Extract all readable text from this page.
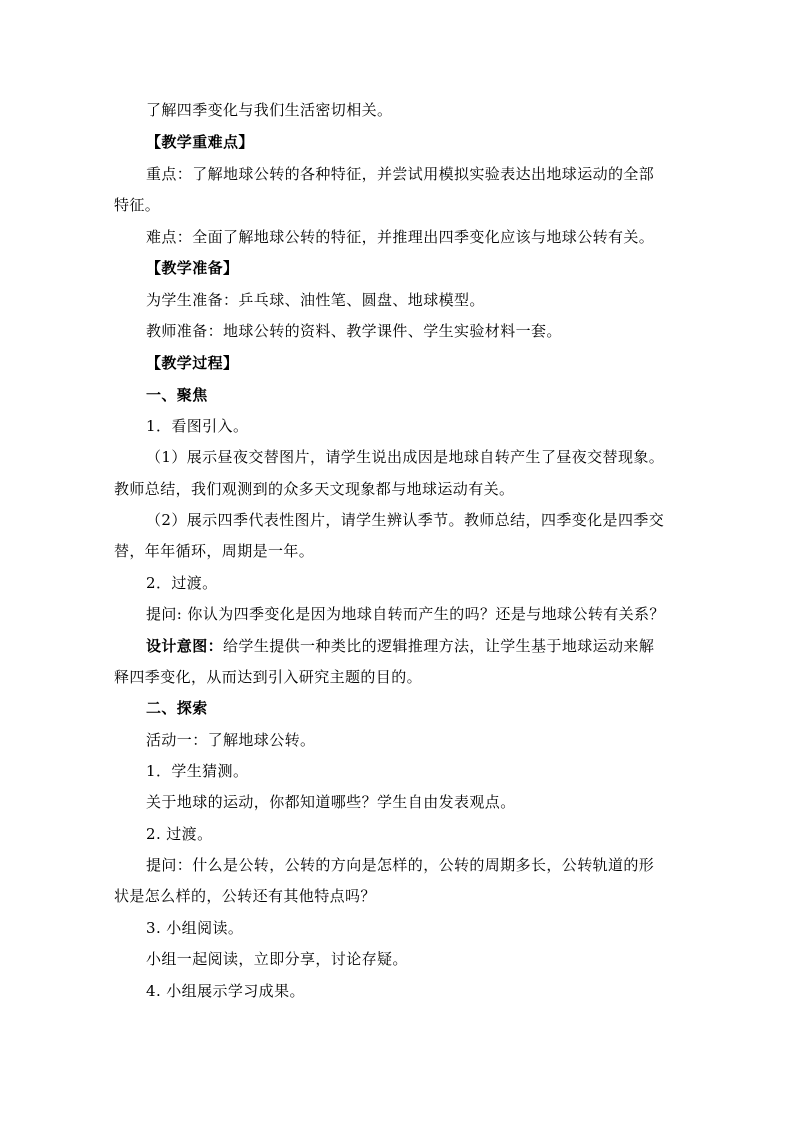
了解四季变化与我们生活密切相关。
【教学重难点】
重点：了解地球公转的各种特征，并尝试用模拟实验表达出地球运动的全部
特征。
难点：全面了解地球公转的特征，并推理出四季变化应该与地球公转有关。
【教学准备】
为学生准备：乒乓球、油性笔、圆盘、地球模型。
教师准备：地球公转的资料、教学课件、学生实验材料一套。
【教学过程】
一、聚焦
1．看图引入。
（1）展示昼夜交替图片，请学生说出成因是地球自转产生了昼夜交替现象。
教师总结，我们观测到的众多天文现象都与地球运动有关。
（2）展示四季代表性图片，请学生辨认季节。教师总结，四季变化是四季交
替，年年循环，周期是一年。
2．过渡。
提问: 你认为四季变化是因为地球自转而产生的吗？还是与地球公转有关系？
设计意图：给学生提供一种类比的逻辑推理方法，让学生基于地球运动来解
释四季变化，从而达到引入研究主题的目的。
二、探索
活动一：了解地球公转。
1．学生猜测。
关于地球的运动，你都知道哪些？学生自由发表观点。
2. 过渡。
提问：什么是公转，公转的方向是怎样的，公转的周期多长，公转轨道的形
状是怎么样的，公转还有其他特点吗？
3. 小组阅读。
小组一起阅读，立即分享，讨论存疑。
4. 小组展示学习成果。
